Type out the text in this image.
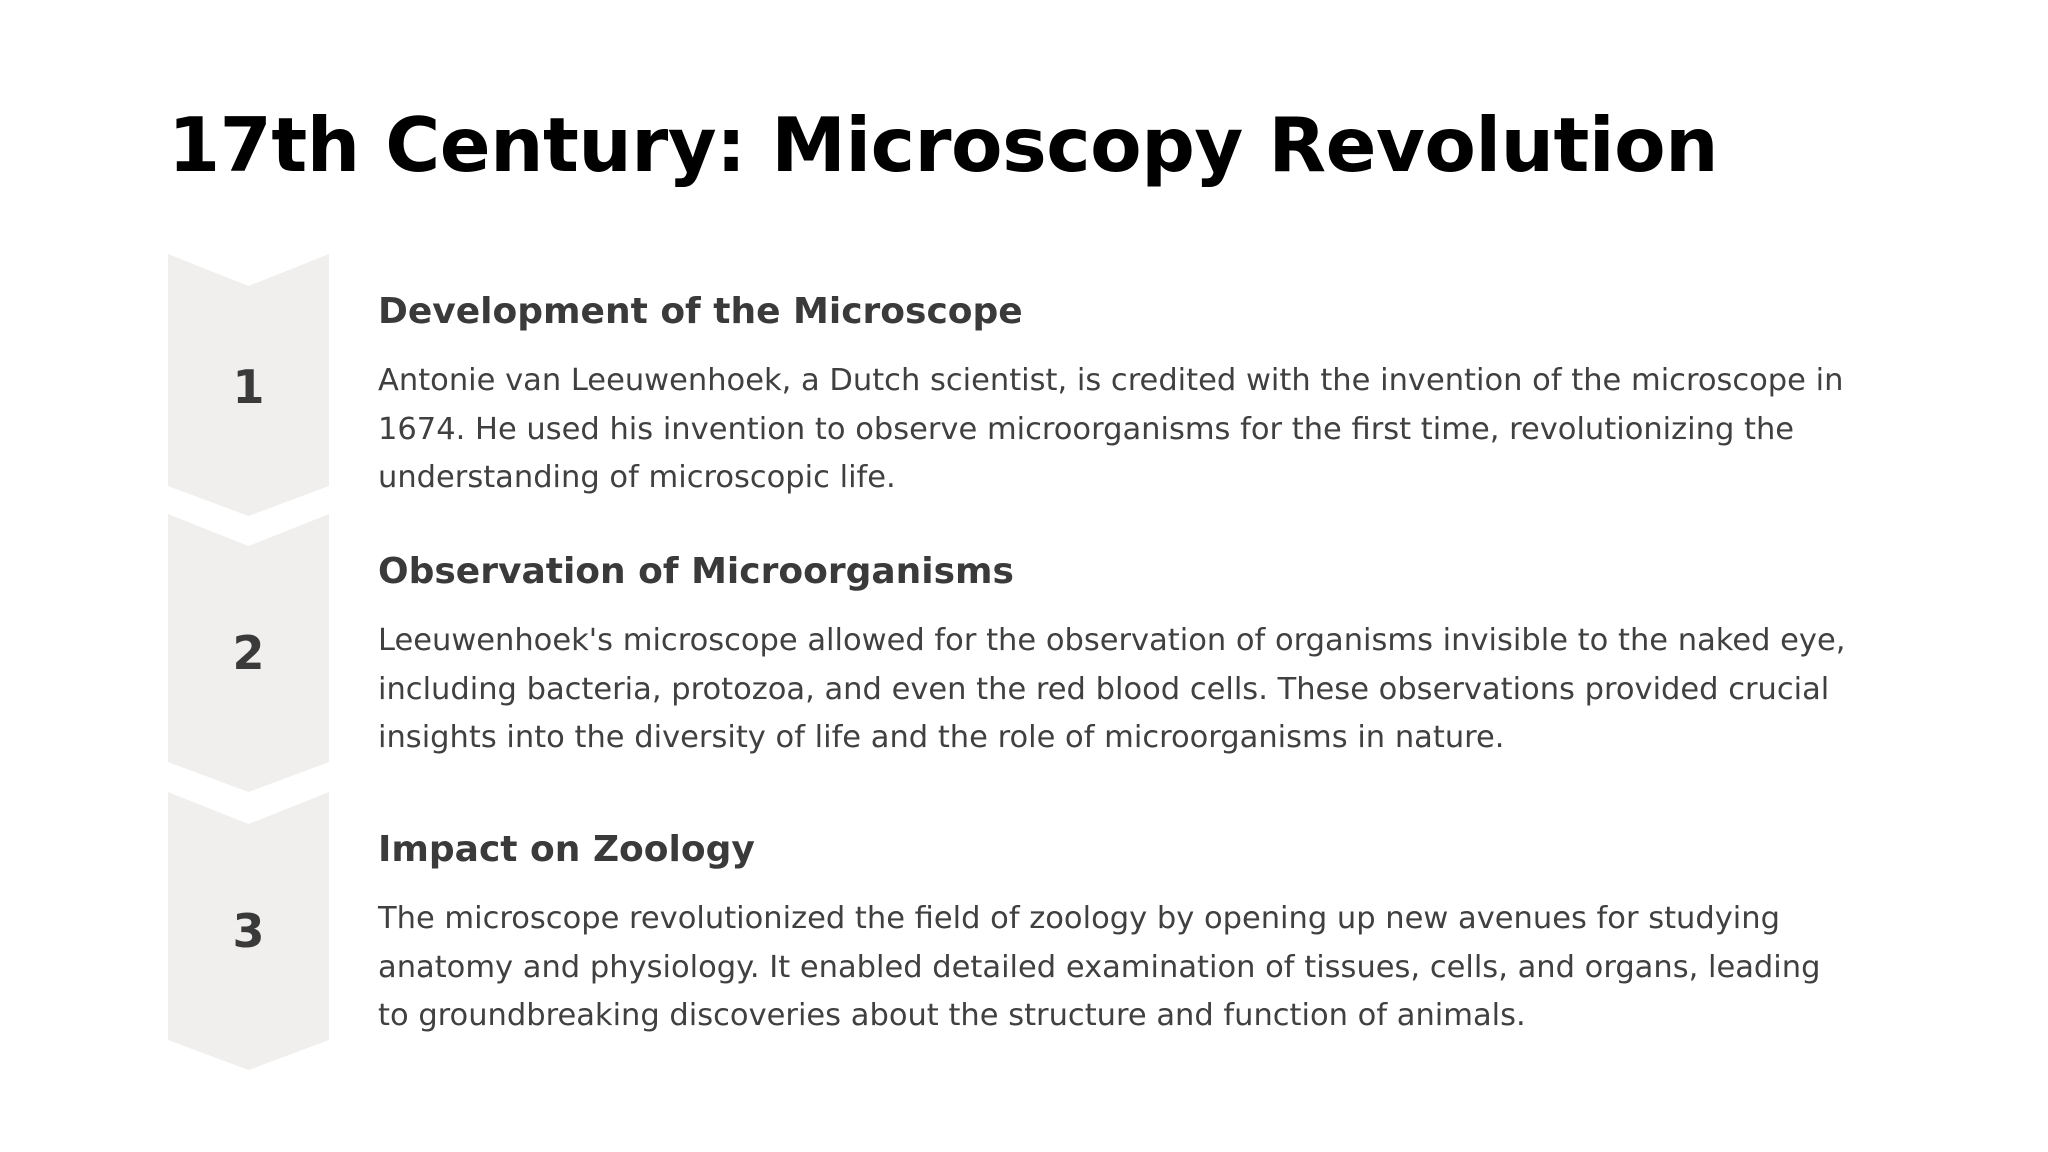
17th Century: Microscopy Revolution
1
Development of the Microscope

Antonie van Leeuwenhoek, a Dutch scientist, is credited with the invention of the microscope in 1674. He used his invention to observe microorganisms for the first time, revolutionizing the understanding of microscopic life.

2
Observation of Microorganisms

Leeuwenhoek's microscope allowed for the observation of organisms invisible to the naked eye, including bacteria, protozoa, and even the red blood cells. These observations provided crucial insights into the diversity of life and the role of microorganisms in nature.

3
Impact on Zoology

The microscope revolutionized the field of zoology by opening up new avenues for studying anatomy and physiology. It enabled detailed examination of tissues, cells, and organs, leading to groundbreaking discoveries about the structure and function of animals.
